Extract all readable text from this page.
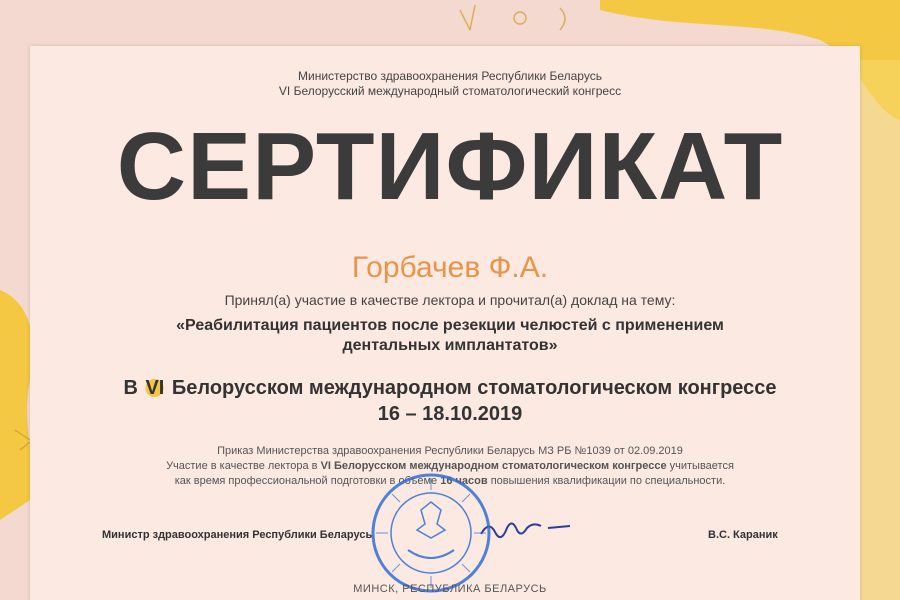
Министерство здравоохранения Республики Беларусь
VI Белорусский международный стоматологический конгресс
СЕРТИФИКАТ
Горбачев Ф.А.
Принял(а) участие в качестве лектора и прочитал(а) доклад на тему:
«Реабилитация пациентов после резекции челюстей с применением
дентальных имплантатов»
В VI Белорусском международном стоматологическом конгрессе
16 – 18.10.2019
Приказ Министерства здравоохранения Республики Беларусь МЗ РБ №1039 от 02.09.2019
Участие в качестве лектора в VI Белорусском международном стоматологическом конгрессе учитывается
как время профессиональной подготовки в объеме 16 часов повышения квалификации по специальности.
Министр здравоохранения Республики Беларусь	В.С. Караник
МИНСК, РЕСПУБЛИКА БЕЛАРУСЬ
